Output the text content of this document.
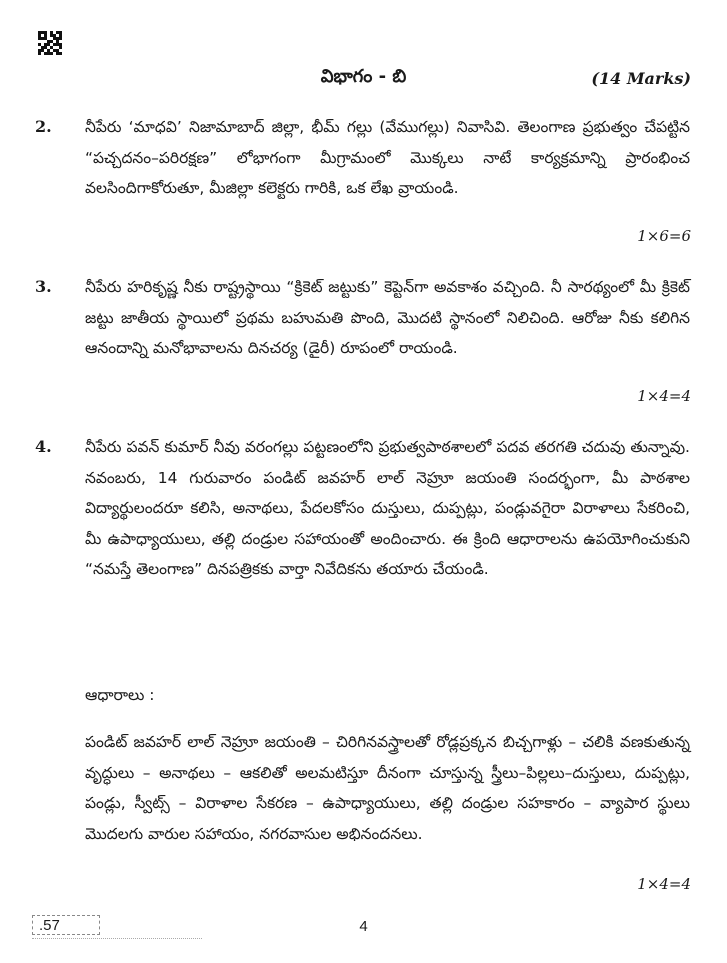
విభాగం - బి	(14 Marks)
2. నీపేరు ‘మాధవి’ నిజామాబాద్ జిల్లా, భీమ్ గల్లు (వేముగల్లు) నివాసివి. తెలంగాణ ప్రభుత్వం చేపట్టిన “పచ్చదనం–పరిరక్షణ” లోభాగంగా మీగ్రామంలో మొక్కలు నాటే కార్యక్రమాన్ని ప్రారంభించ వలసిందిగాకోరుతూ, మీజిల్లా కలెక్టరు గారికి, ఒక లేఖ వ్రాయండి.

1×6=6
3. నీపేరు హరికృష్ణ నీకు రాష్ట్రస్థాయి “క్రికెట్ జట్టుకు” కెప్టెన్‌గా అవకాశం వచ్చింది. నీ సారథ్యంలో మీ క్రికెట్ జట్టు జాతీయ స్థాయిలో ప్రథమ బహుమతి పొంది, మొదటి స్థానంలో నిలిచింది. ఆరోజు నీకు కలిగిన ఆనందాన్ని మనోభావాలను దినచర్య (డైరీ) రూపంలో రాయండి.

1×4=4
4. నీపేరు పవన్ కుమార్ నీవు వరంగల్లు పట్టణంలోని ప్రభుత్వపాఠశాలలో పదవ తరగతి చదువు తున్నావు. నవంబరు, 14 గురువారం పండిట్ జవహర్ లాల్ నెహ్రూ జయంతి సందర్భంగా, మీ పాఠశాల విద్యార్థులందరూ కలిసి, అనాథలు, పేదలకోసం దుస్తులు, దుప్పట్లు, పండ్లువగైరా విరాళాలు సేకరించి, మీ ఉపాధ్యాయులు, తల్లి దండ్రుల సహాయంతో అందించారు. ఈ క్రింది ఆధారాలను ఉపయోగించుకుని “నమస్తే తెలంగాణ” దినపత్రికకు వార్తా నివేదికను తయారు చేయండి.

ఆధారాలు :

పండిట్ జవహర్ లాల్ నెహ్రూ జయంతి – చిరిగినవస్త్రాలతో రోడ్లప్రక్కన బిచ్చగాళ్లు – చలికి వణకుతున్న వృద్ధులు – అనాథలు – ఆకలితో అలమటిస్తూ దీనంగా చూస్తున్న స్త్రీలు–పిల్లలు–దుస్తులు, దుప్పట్లు, పండ్లు, స్వీట్స్ – విరాళాల సేకరణ – ఉపాధ్యాయులు, తల్లి దండ్రుల సహకారం – వ్యాపార స్థులు మొదలగు వారుల సహాయం, నగరవాసుల అభినందనలు.

1×4=4
.57	4
